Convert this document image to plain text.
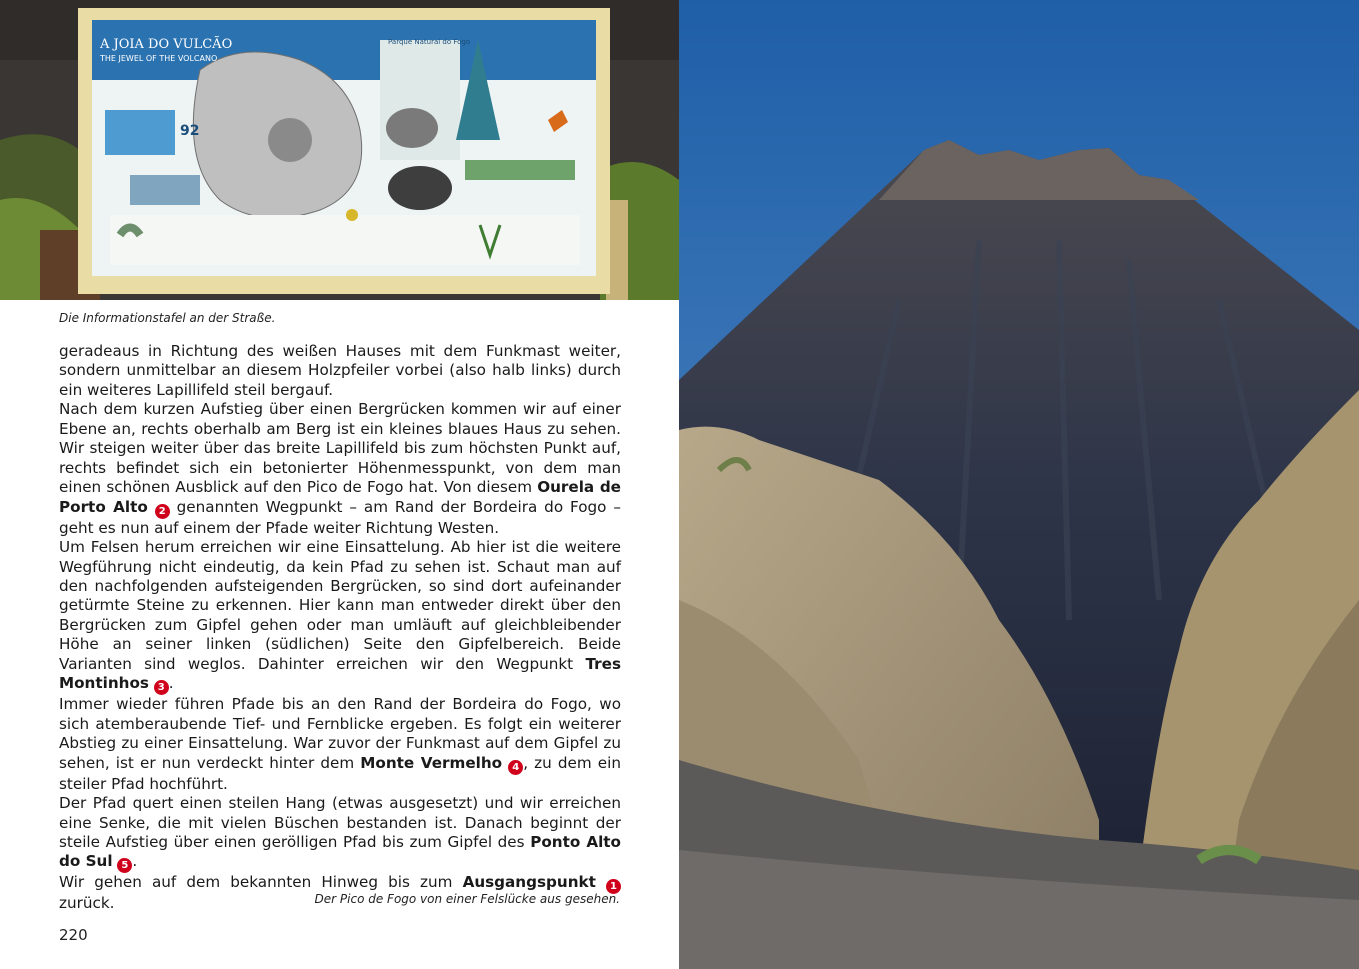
A JOIA DO VULCÃO
THE JEWEL OF THE VOLCANO
92
Parque Natural do Fogo
Die Informationstafel an der Straße.

geradeaus in Richtung des weißen Hauses mit dem Funkmast weiter, sondern unmittelbar an diesem Holzpfeiler vorbei (also halb links) durch ein weiteres Lapillifeld steil bergauf.

Nach dem kurzen Aufstieg über einen Bergrücken kommen wir auf einer Ebene an, rechts oberhalb am Berg ist ein kleines blaues Haus zu sehen. Wir steigen weiter über das breite Lapillifeld bis zum höchsten Punkt auf, rechts befindet sich ein betonierter Höhenmesspunkt, von dem man einen schönen Ausblick auf den Pico de Fogo hat. Von diesem Ourela de Porto Alto 2 genannten Wegpunkt – am Rand der Bordeira do Fogo – geht es nun auf einem der Pfade weiter Richtung Westen.

Um Felsen herum erreichen wir eine Einsattelung. Ab hier ist die weitere Wegführung nicht eindeutig, da kein Pfad zu sehen ist. Schaut man auf den nachfolgenden aufsteigenden Bergrücken, so sind dort aufeinander getürmte Steine zu erkennen. Hier kann man entweder direkt über den Bergrücken zum Gipfel gehen oder man umläuft auf gleichbleibender Höhe an seiner linken (südlichen) Seite den Gipfelbereich. Beide Varianten sind weglos. Dahinter erreichen wir den Wegpunkt Tres Montinhos 3 .

Immer wieder führen Pfade bis an den Rand der Bordeira do Fogo, wo sich atemberaubende Tief- und Fernblicke ergeben. Es folgt ein weiterer Abstieg zu einer Einsattelung. War zuvor der Funkmast auf dem Gipfel zu sehen, ist er nun verdeckt hinter dem Monte Vermelho 4 , zu dem ein steiler Pfad hochführt.

Der Pfad quert einen steilen Hang (etwas ausgesetzt) und wir erreichen eine Senke, die mit vielen Büschen bestanden ist. Danach beginnt der steile Aufstieg über einen gerölligen Pfad bis zum Gipfel des Ponto Alto do Sul 5 .

Wir gehen auf dem bekannten Hinweg bis zum Ausgangspunkt 1 zurück.	Der Pico de Fogo von einer Felslücke aus gesehen.
220
